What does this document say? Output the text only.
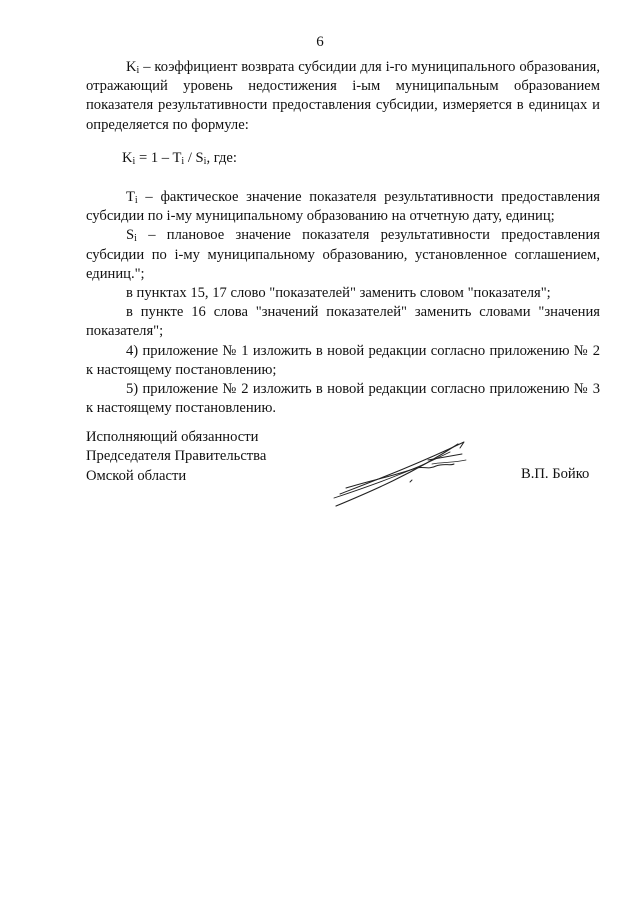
6

$K_i$ – коэффициент возврата субсидии для i-го муниципального образования, отражающий уровень недостижения i-ым муниципальным образованием показателя результативности предоставления субсидии, измеряется в единицах и определяется по формуле:

$K_i = 1 - T_i / S_i$, где:

$T_i$ – фактическое значение показателя результативности предоставления субсидии по i-му муниципальному образованию на отчетную дату, единиц;

$S_i$ – плановое значение показателя результативности предоставления субсидии по i-му муниципальному образованию, установленное соглашением, единиц.";

в пунктах 15, 17 слово "показателей" заменить словом "показателя";

в пункте 16 слова "значений показателей" заменить словами "значения показателя";

4) приложение № 1 изложить в новой редакции согласно приложению № 2 к настоящему постановлению;

5) приложение № 2 изложить в новой редакции согласно приложению № 3 к настоящему постановлению.

Исполняющий обязанности
Председателя Правительства
Омской области	В.П. Бойко
